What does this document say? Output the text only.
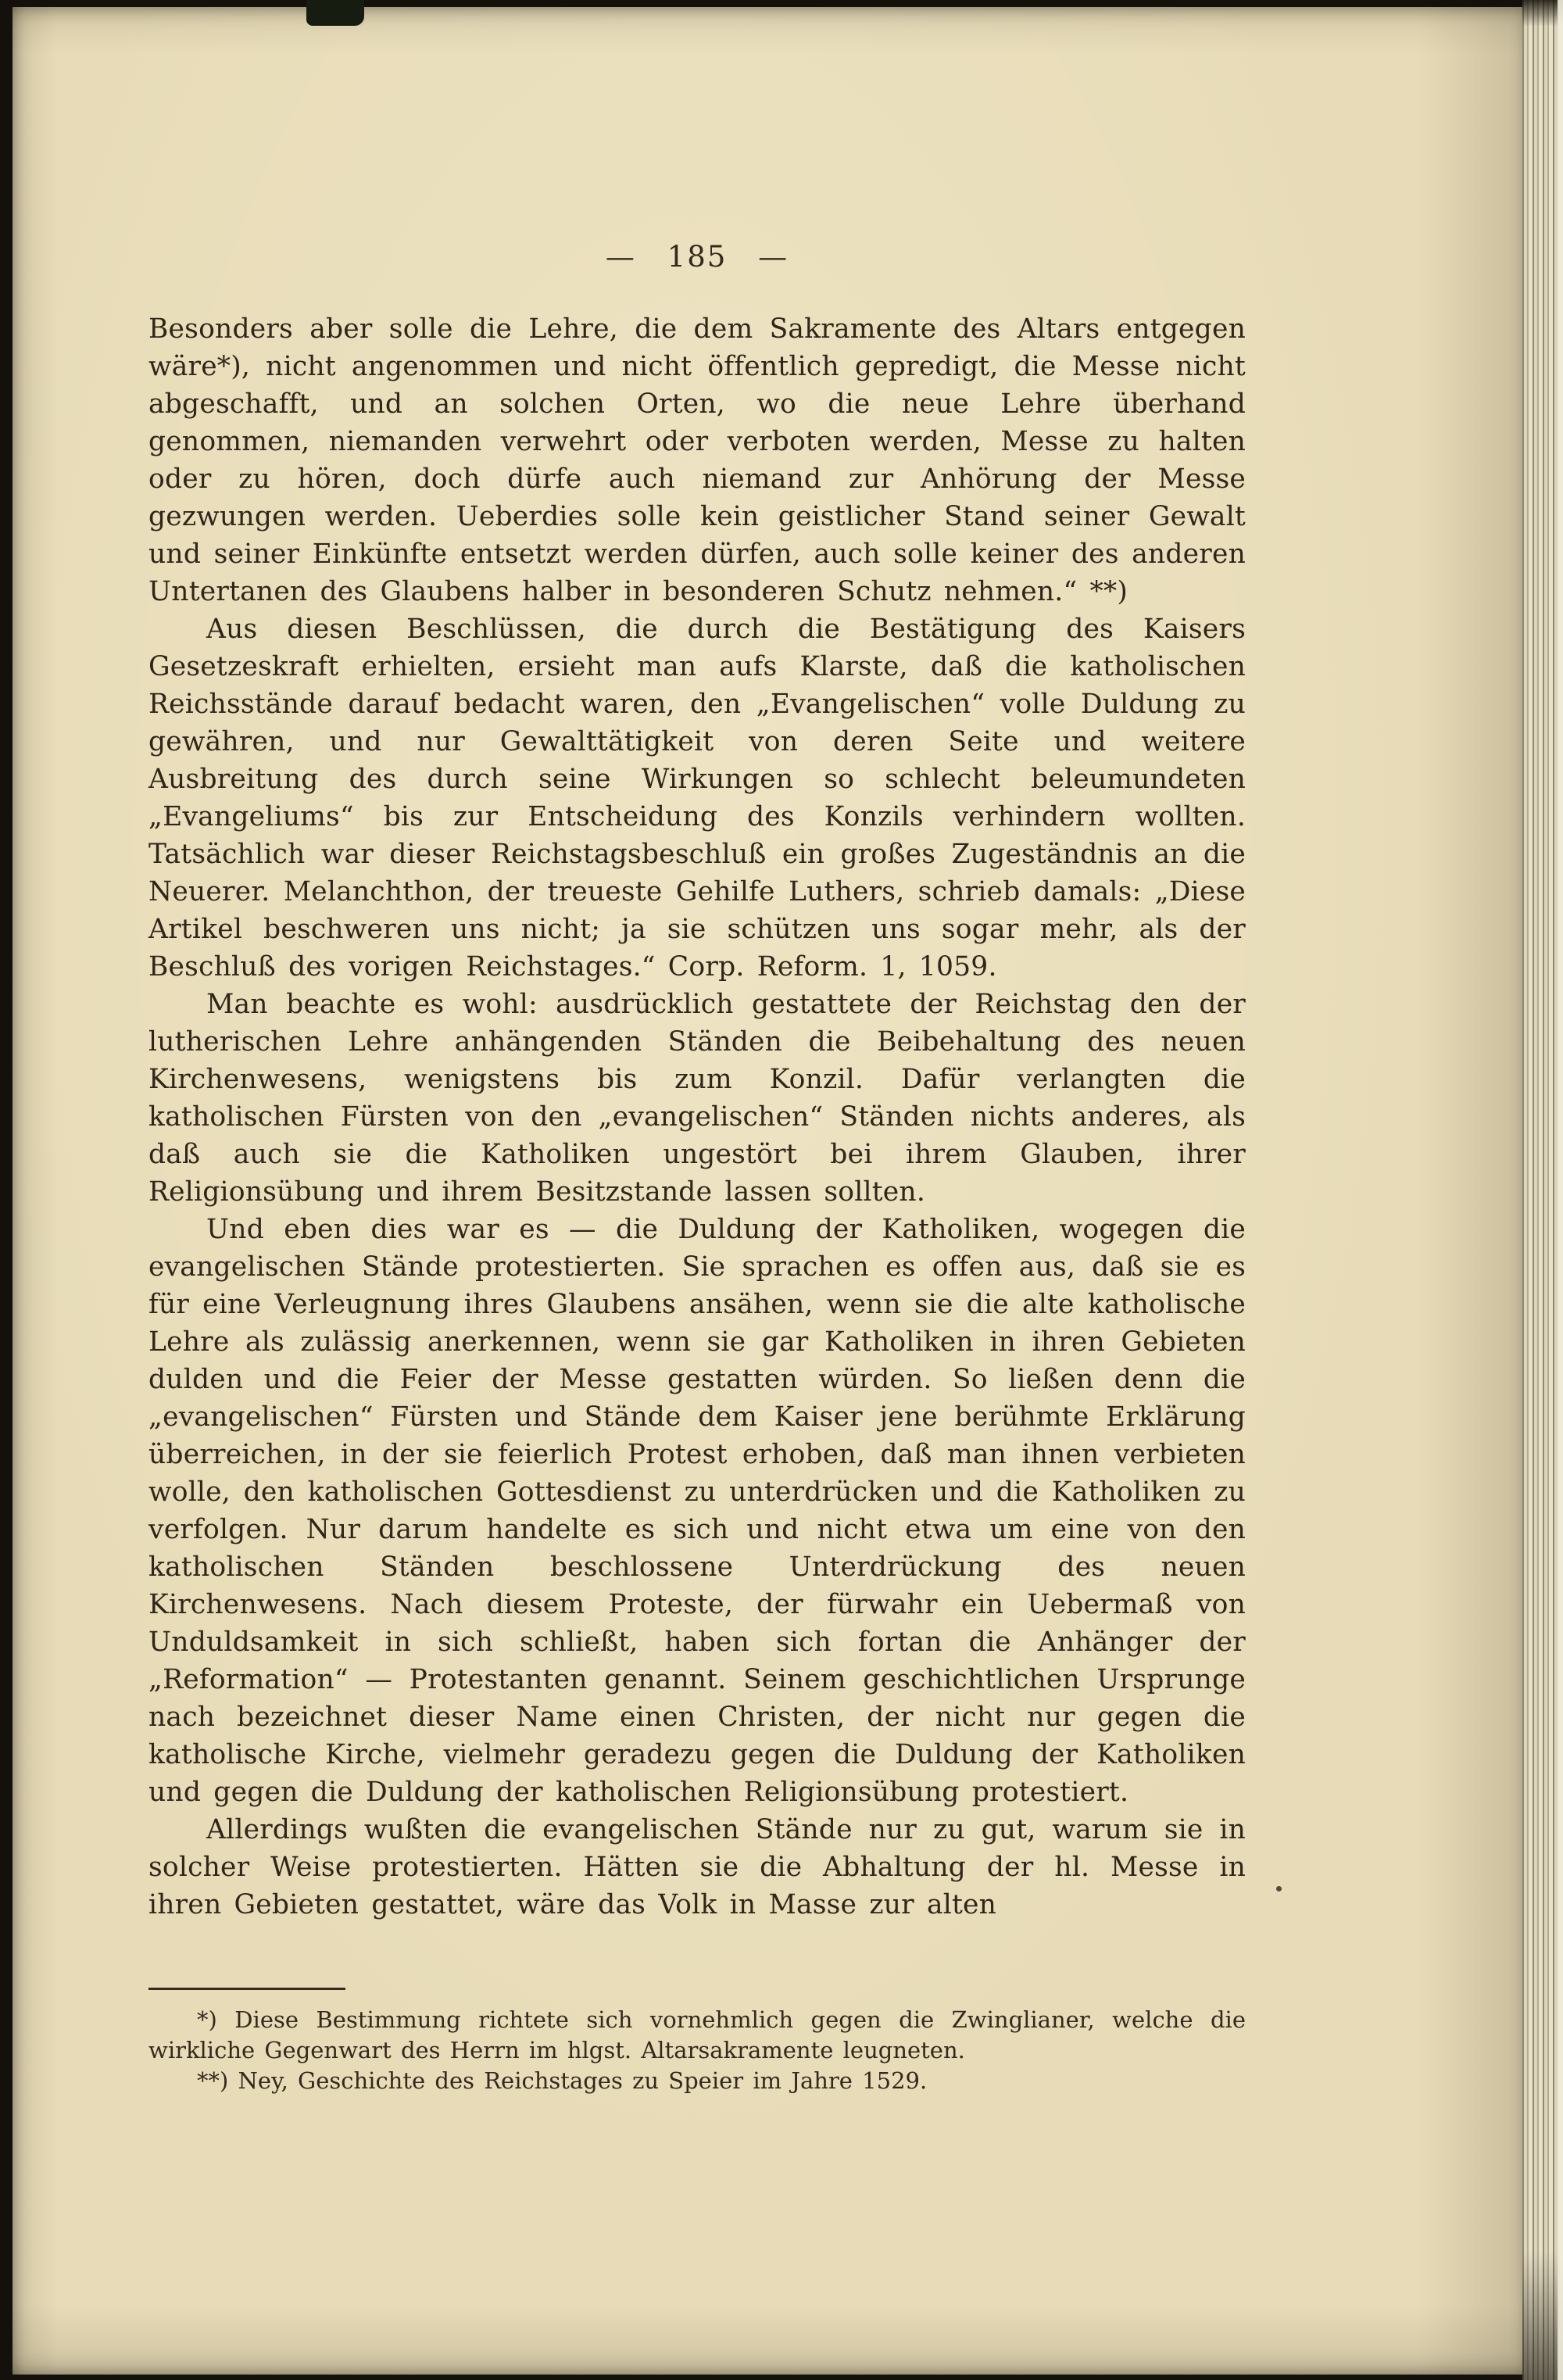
— 185 —

Besonders aber solle die Lehre, die dem Sakramente des Altars entgegen wäre*), nicht angenommen und nicht öffentlich gepredigt, die Messe nicht abgeschafft, und an solchen Orten, wo die neue Lehre überhand genommen, niemanden verwehrt oder verboten werden, Messe zu halten oder zu hören, doch dürfe auch niemand zur Anhörung der Messe gezwungen werden. Ueberdies solle kein geistlicher Stand seiner Gewalt und seiner Einkünfte entsetzt werden dürfen, auch solle keiner des anderen Untertanen des Glaubens halber in besonderen Schutz nehmen.“ **)

Aus diesen Beschlüssen, die durch die Bestätigung des Kaisers Gesetzeskraft erhielten, ersieht man aufs Klarste, daß die katholischen Reichsstände darauf bedacht waren, den „Evangelischen“ volle Duldung zu gewähren, und nur Gewalttätigkeit von deren Seite und weitere Ausbreitung des durch seine Wirkungen so schlecht beleumundeten „Evangeliums“ bis zur Entscheidung des Konzils verhindern wollten. Tatsächlich war dieser Reichstagsbeschluß ein großes Zugeständnis an die Neuerer. Melanchthon, der treueste Gehilfe Luthers, schrieb damals: „Diese Artikel beschweren uns nicht; ja sie schützen uns sogar mehr, als der Beschluß des vorigen Reichstages.“ Corp. Reform. 1, 1059.

Man beachte es wohl: ausdrücklich gestattete der Reichstag den der lutherischen Lehre anhängenden Ständen die Beibehaltung des neuen Kirchenwesens, wenigstens bis zum Konzil. Dafür verlangten die katholischen Fürsten von den „evangelischen“ Ständen nichts anderes, als daß auch sie die Katholiken ungestört bei ihrem Glauben, ihrer Religionsübung und ihrem Besitzstande lassen sollten.

Und eben dies war es — die Duldung der Katholiken, wogegen die evangelischen Stände protestierten. Sie sprachen es offen aus, daß sie es für eine Verleugnung ihres Glaubens ansähen, wenn sie die alte katholische Lehre als zulässig anerkennen, wenn sie gar Katholiken in ihren Gebieten dulden und die Feier der Messe gestatten würden. So ließen denn die „evangelischen“ Fürsten und Stände dem Kaiser jene berühmte Erklärung überreichen, in der sie feierlich Protest erhoben, daß man ihnen verbieten wolle, den katholischen Gottesdienst zu unterdrücken und die Katholiken zu verfolgen. Nur darum handelte es sich und nicht etwa um eine von den katholischen Ständen beschlossene Unterdrückung des neuen Kirchenwesens. Nach diesem Proteste, der fürwahr ein Uebermaß von Unduldsamkeit in sich schließt, haben sich fortan die Anhänger der „Reformation“ — Protestanten genannt. Seinem geschichtlichen Ursprunge nach bezeichnet dieser Name einen Christen, der nicht nur gegen die katholische Kirche, vielmehr geradezu gegen die Duldung der Katholiken und gegen die Duldung der katholischen Religionsübung protestiert.

Allerdings wußten die evangelischen Stände nur zu gut, warum sie in solcher Weise protestierten. Hätten sie die Abhaltung der hl. Messe in ihren Gebieten gestattet, wäre das Volk in Masse zur alten

*) Diese Bestimmung richtete sich vornehmlich gegen die Zwinglianer, welche die wirkliche Gegenwart des Herrn im hlgst. Altarsakramente leugneten.

**) Ney, Geschichte des Reichstages zu Speier im Jahre 1529.
